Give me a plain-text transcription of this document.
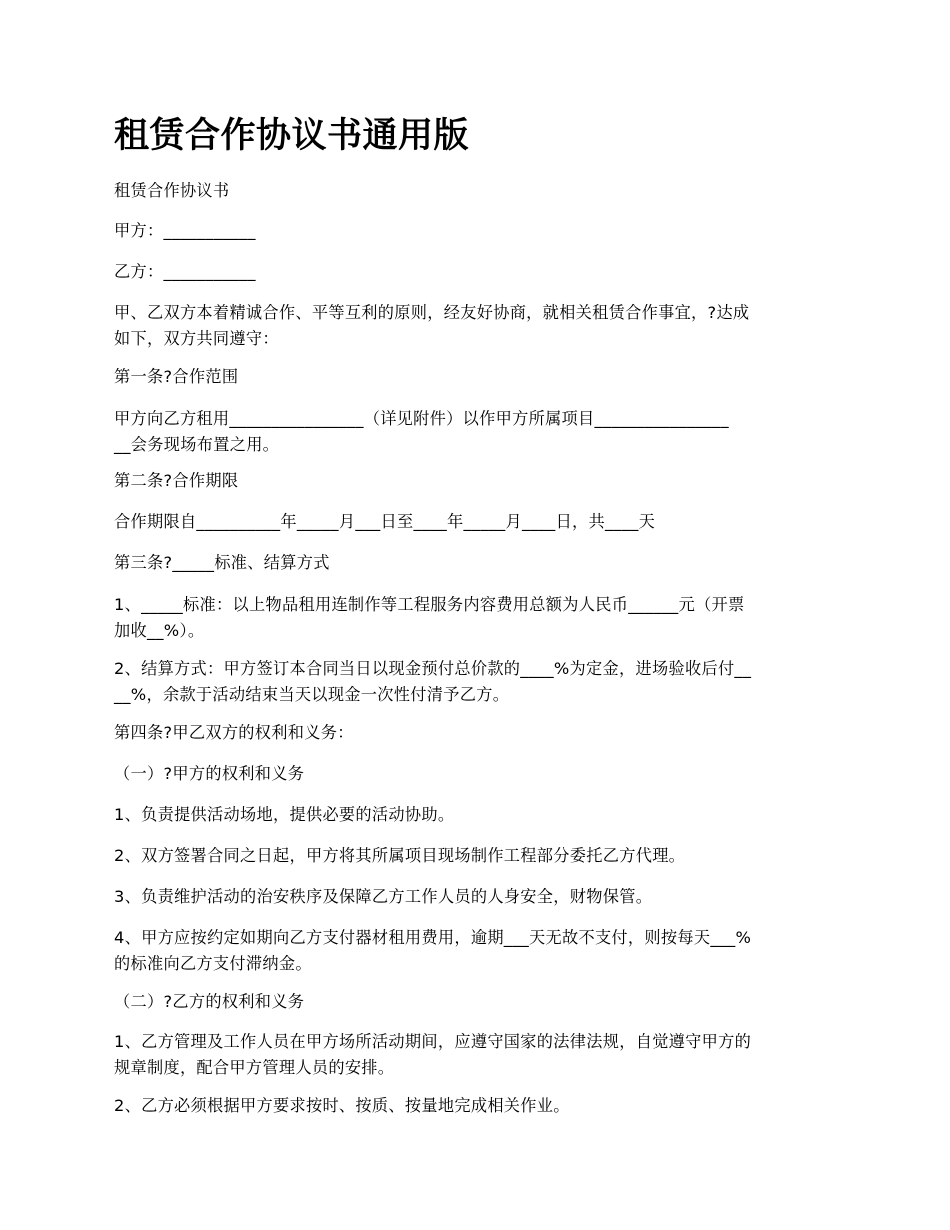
租赁合作协议书通用版
租赁合作协议书
甲方：___________
乙方：___________
甲、乙双方本着精诚合作、平等互利的原则，经友好协商，就相关租赁合作事宜，?达成
如下，双方共同遵守：
第一条?合作范围
甲方向乙方租用________________（详见附件）以作甲方所属项目________________
__会务现场布置之用。
第二条?合作期限
合作期限自__________年_____月___日至____年_____月____日，共____天
第三条?_____标准、结算方式
1、_____标准：以上物品租用连制作等工程服务内容费用总额为人民币______元（开票
加收__%）。
2、结算方式：甲方签订本合同当日以现金预付总价款的____%为定金，进场验收后付__
__%，余款于活动结束当天以现金一次性付清予乙方。
第四条?甲乙双方的权利和义务：
（一）?甲方的权利和义务
1、负责提供活动场地，提供必要的活动协助。
2、双方签署合同之日起，甲方将其所属项目现场制作工程部分委托乙方代理。
3、负责维护活动的治安秩序及保障乙方工作人员的人身安全，财物保管。
4、甲方应按约定如期向乙方支付器材租用费用，逾期___天无故不支付，则按每天___%
的标准向乙方支付滞纳金。
（二）?乙方的权利和义务
1、乙方管理及工作人员在甲方场所活动期间，应遵守国家的法律法规，自觉遵守甲方的
规章制度，配合甲方管理人员的安排。
2、乙方必须根据甲方要求按时、按质、按量地完成相关作业。
